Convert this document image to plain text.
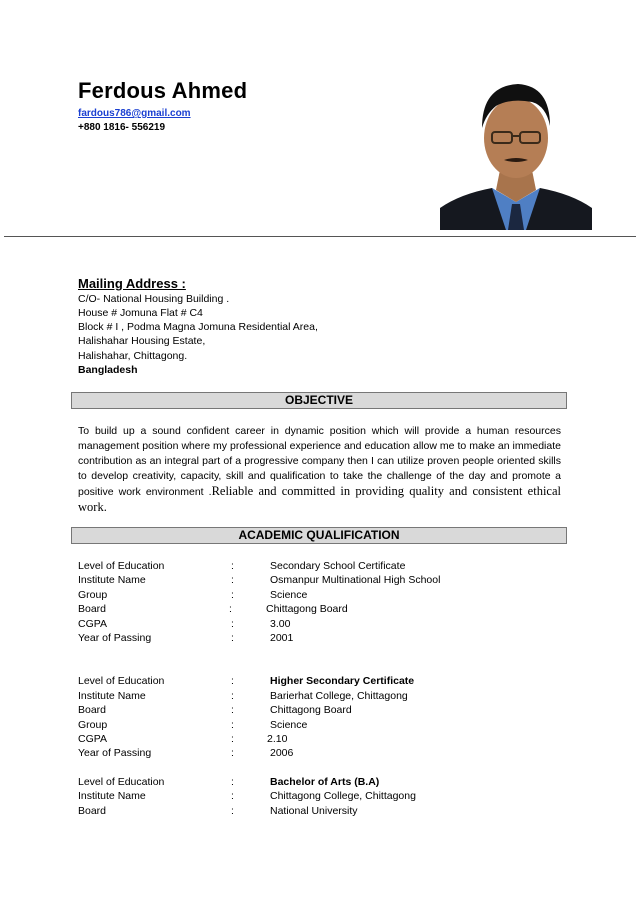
Ferdous Ahmed
fardous786@gmail.com
+880 1816- 556219
Mailing Address :
C/O- National Housing Building .
House # Jomuna Flat # C4
Block # I , Podma Magna Jomuna Residential Area,
Halishahar Housing Estate,
Halishahar, Chittagong.
Bangladesh
OBJECTIVE
To build up a sound confident career in dynamic position which will provide a human resources management position where my professional experience and education allow me to make an immediate contribution as an integral part of a progressive company then I can utilize proven people oriented skills to develop creativity, capacity, skill and qualification to take the challenge of the day and promote a positive work environment .Reliable and committed in providing quality and consistent ethical work.
ACADEMIC QUALIFICATION
Level of Education	:	Secondary School Certificate
Institute Name	:	Osmanpur Multinational High School
Group	:	Science
Board	:	Chittagong Board
CGPA	:	3.00
Year of Passing	:	2001
Level of Education	:	Higher Secondary Certificate
Institute Name	:	Barierhat College, Chittagong
Board	:	Chittagong Board
Group	:	Science
CGPA	:	2.10
Year of Passing	:	2006
Level of Education	:	Bachelor of Arts (B.A)
Institute Name	:	Chittagong College, Chittagong
Board	:	National University
